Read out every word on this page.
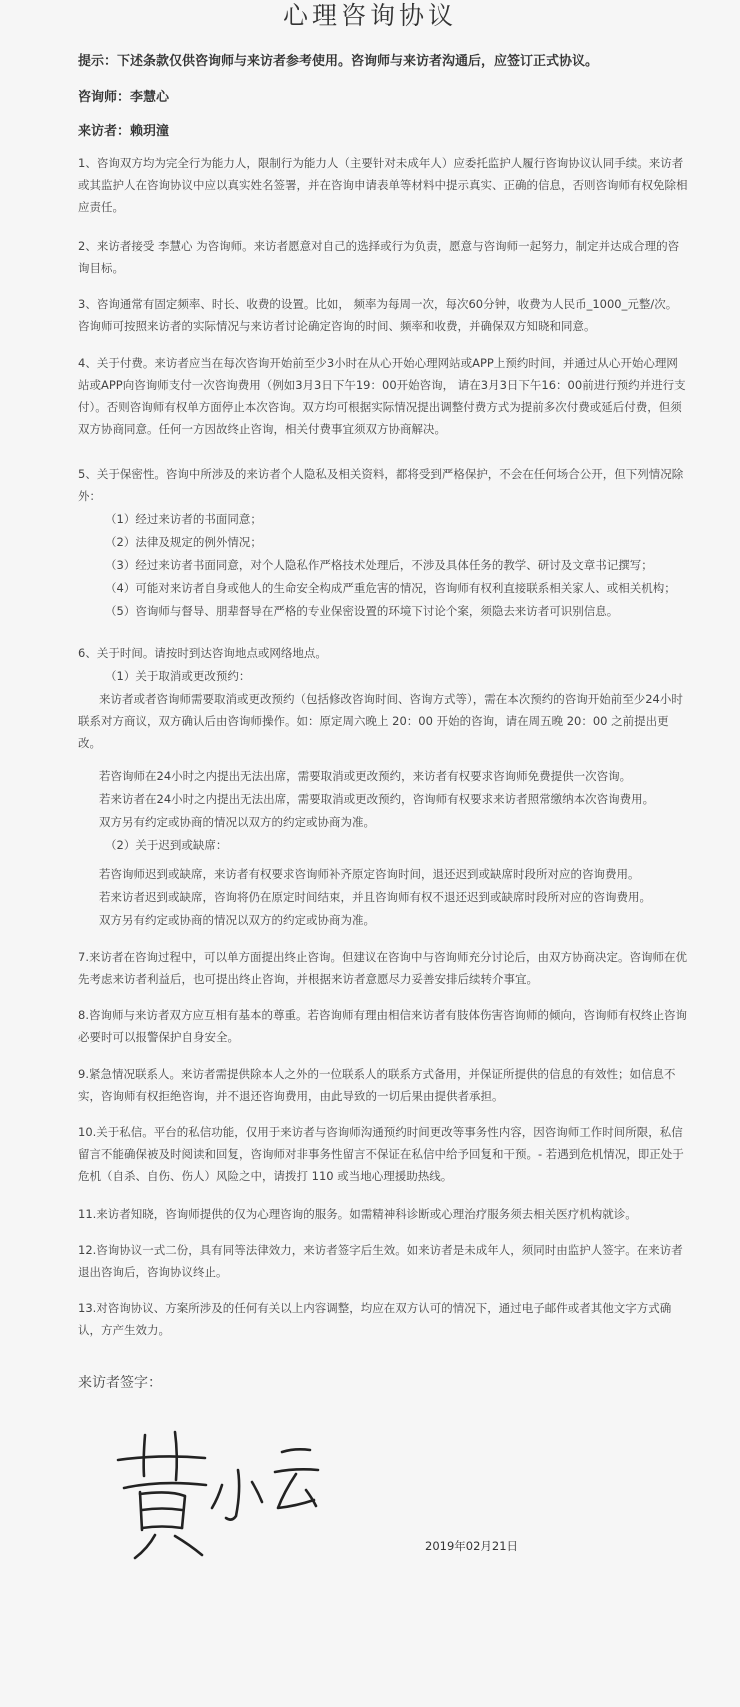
心理咨询协议
提示：下述条款仅供咨询师与来访者参考使用。咨询师与来访者沟通后，应签订正式协议。
咨询师：李慧心
来访者：赖玥潼

1、咨询双方均为完全行为能力人，限制行为能力人（主要针对未成年人）应委托监护人履行咨询协议认同手续。来访者或其监护人在咨询协议中应以真实姓名签署，并在咨询申请表单等材料中提示真实、正确的信息，否则咨询师有权免除相应责任。

2、来访者接受 李慧心 为咨询师。来访者愿意对自己的选择或行为负责，愿意与咨询师一起努力，制定并达成合理的咨询目标。

3、咨询通常有固定频率、时长、收费的设置。比如， 频率为每周一次，每次60分钟，收费为人民币_1000_元整/次。咨询师可按照来访者的实际情况与来访者讨论确定咨询的时间、频率和收费，并确保双方知晓和同意。

4、关于付费。来访者应当在每次咨询开始前至少3小时在从心开始心理网站或APP上预约时间，并通过从心开始心理网站或APP向咨询师支付一次咨询费用（例如3月3日下午19：00开始咨询， 请在3月3日下午16：00前进行预约并进行支付）。否则咨询师有权单方面停止本次咨询。双方均可根据实际情况提出调整付费方式为提前多次付费或延后付费，但须双方协商同意。任何一方因故终止咨询，相关付费事宜须双方协商解决。

5、关于保密性。咨询中所涉及的来访者个人隐私及相关资料，都将受到严格保护，不会在任何场合公开，但下列情况除外：

（1）经过来访者的书面同意；
（2）法律及规定的例外情况；
（3）经过来访者书面同意，对个人隐私作严格技术处理后，不涉及具体任务的教学、研讨及文章书记撰写；
（4）可能对来访者自身或他人的生命安全构成严重危害的情况，咨询师有权利直接联系相关家人、或相关机构；
（5）咨询师与督导、朋辈督导在严格的专业保密设置的环境下讨论个案，须隐去来访者可识别信息。
6、关于时间。请按时到达咨询地点或网络地点。
（1）关于取消或更改预约：

来访者或者咨询师需要取消或更改预约（包括修改咨询时间、咨询方式等），需在本次预约的咨询开始前至少24小时联系对方商议，双方确认后由咨询师操作。如：原定周六晚上 20：00 开始的咨询，请在周五晚 20：00 之前提出更改。

若咨询师在24小时之内提出无法出席，需要取消或更改预约，来访者有权要求咨询师免费提供一次咨询。
若来访者在24小时之内提出无法出席，需要取消或更改预约，咨询师有权要求来访者照常缴纳本次咨询费用。
双方另有约定或协商的情况以双方的约定或协商为准。
（2）关于迟到或缺席：
若咨询师迟到或缺席，来访者有权要求咨询师补齐原定咨询时间，退还迟到或缺席时段所对应的咨询费用。
若来访者迟到或缺席，咨询将仍在原定时间结束，并且咨询师有权不退还迟到或缺席时段所对应的咨询费用。
双方另有约定或协商的情况以双方的约定或协商为准。

7.来访者在咨询过程中，可以单方面提出终止咨询。但建议在咨询中与咨询师充分讨论后，由双方协商决定。咨询师在优先考虑来访者利益后，也可提出终止咨询，并根据来访者意愿尽力妥善安排后续转介事宜。

8.咨询师与来访者双方应互相有基本的尊重。若咨询师有理由相信来访者有肢体伤害咨询师的倾向，咨询师有权终止咨询必要时可以报警保护自身安全。

9.紧急情况联系人。来访者需提供除本人之外的一位联系人的联系方式备用，并保证所提供的信息的有效性；如信息不实，咨询师有权拒绝咨询，并不退还咨询费用，由此导致的一切后果由提供者承担。

10.关于私信。平台的私信功能，仅用于来访者与咨询师沟通预约时间更改等事务性内容，因咨询师工作时间所限，私信留言不能确保被及时阅读和回复，咨询师对非事务性留言不保证在私信中给予回复和干预。- 若遇到危机情况，即正处于危机（自杀、自伤、伤人）风险之中，请拨打 110 或当地心理援助热线。

11.来访者知晓，咨询师提供的仅为心理咨询的服务。如需精神科诊断或心理治疗服务须去相关医疗机构就诊。

12.咨询协议一式二份，具有同等法律效力，来访者签字后生效。如来访者是未成年人，须同时由监护人签字。在来访者退出咨询后，咨询协议终止。

13.对咨询协议、方案所涉及的任何有关以上内容调整，均应在双方认可的情况下，通过电子邮件或者其他文字方式确认，方产生效力。

来访者签字：
2019年02月21日
